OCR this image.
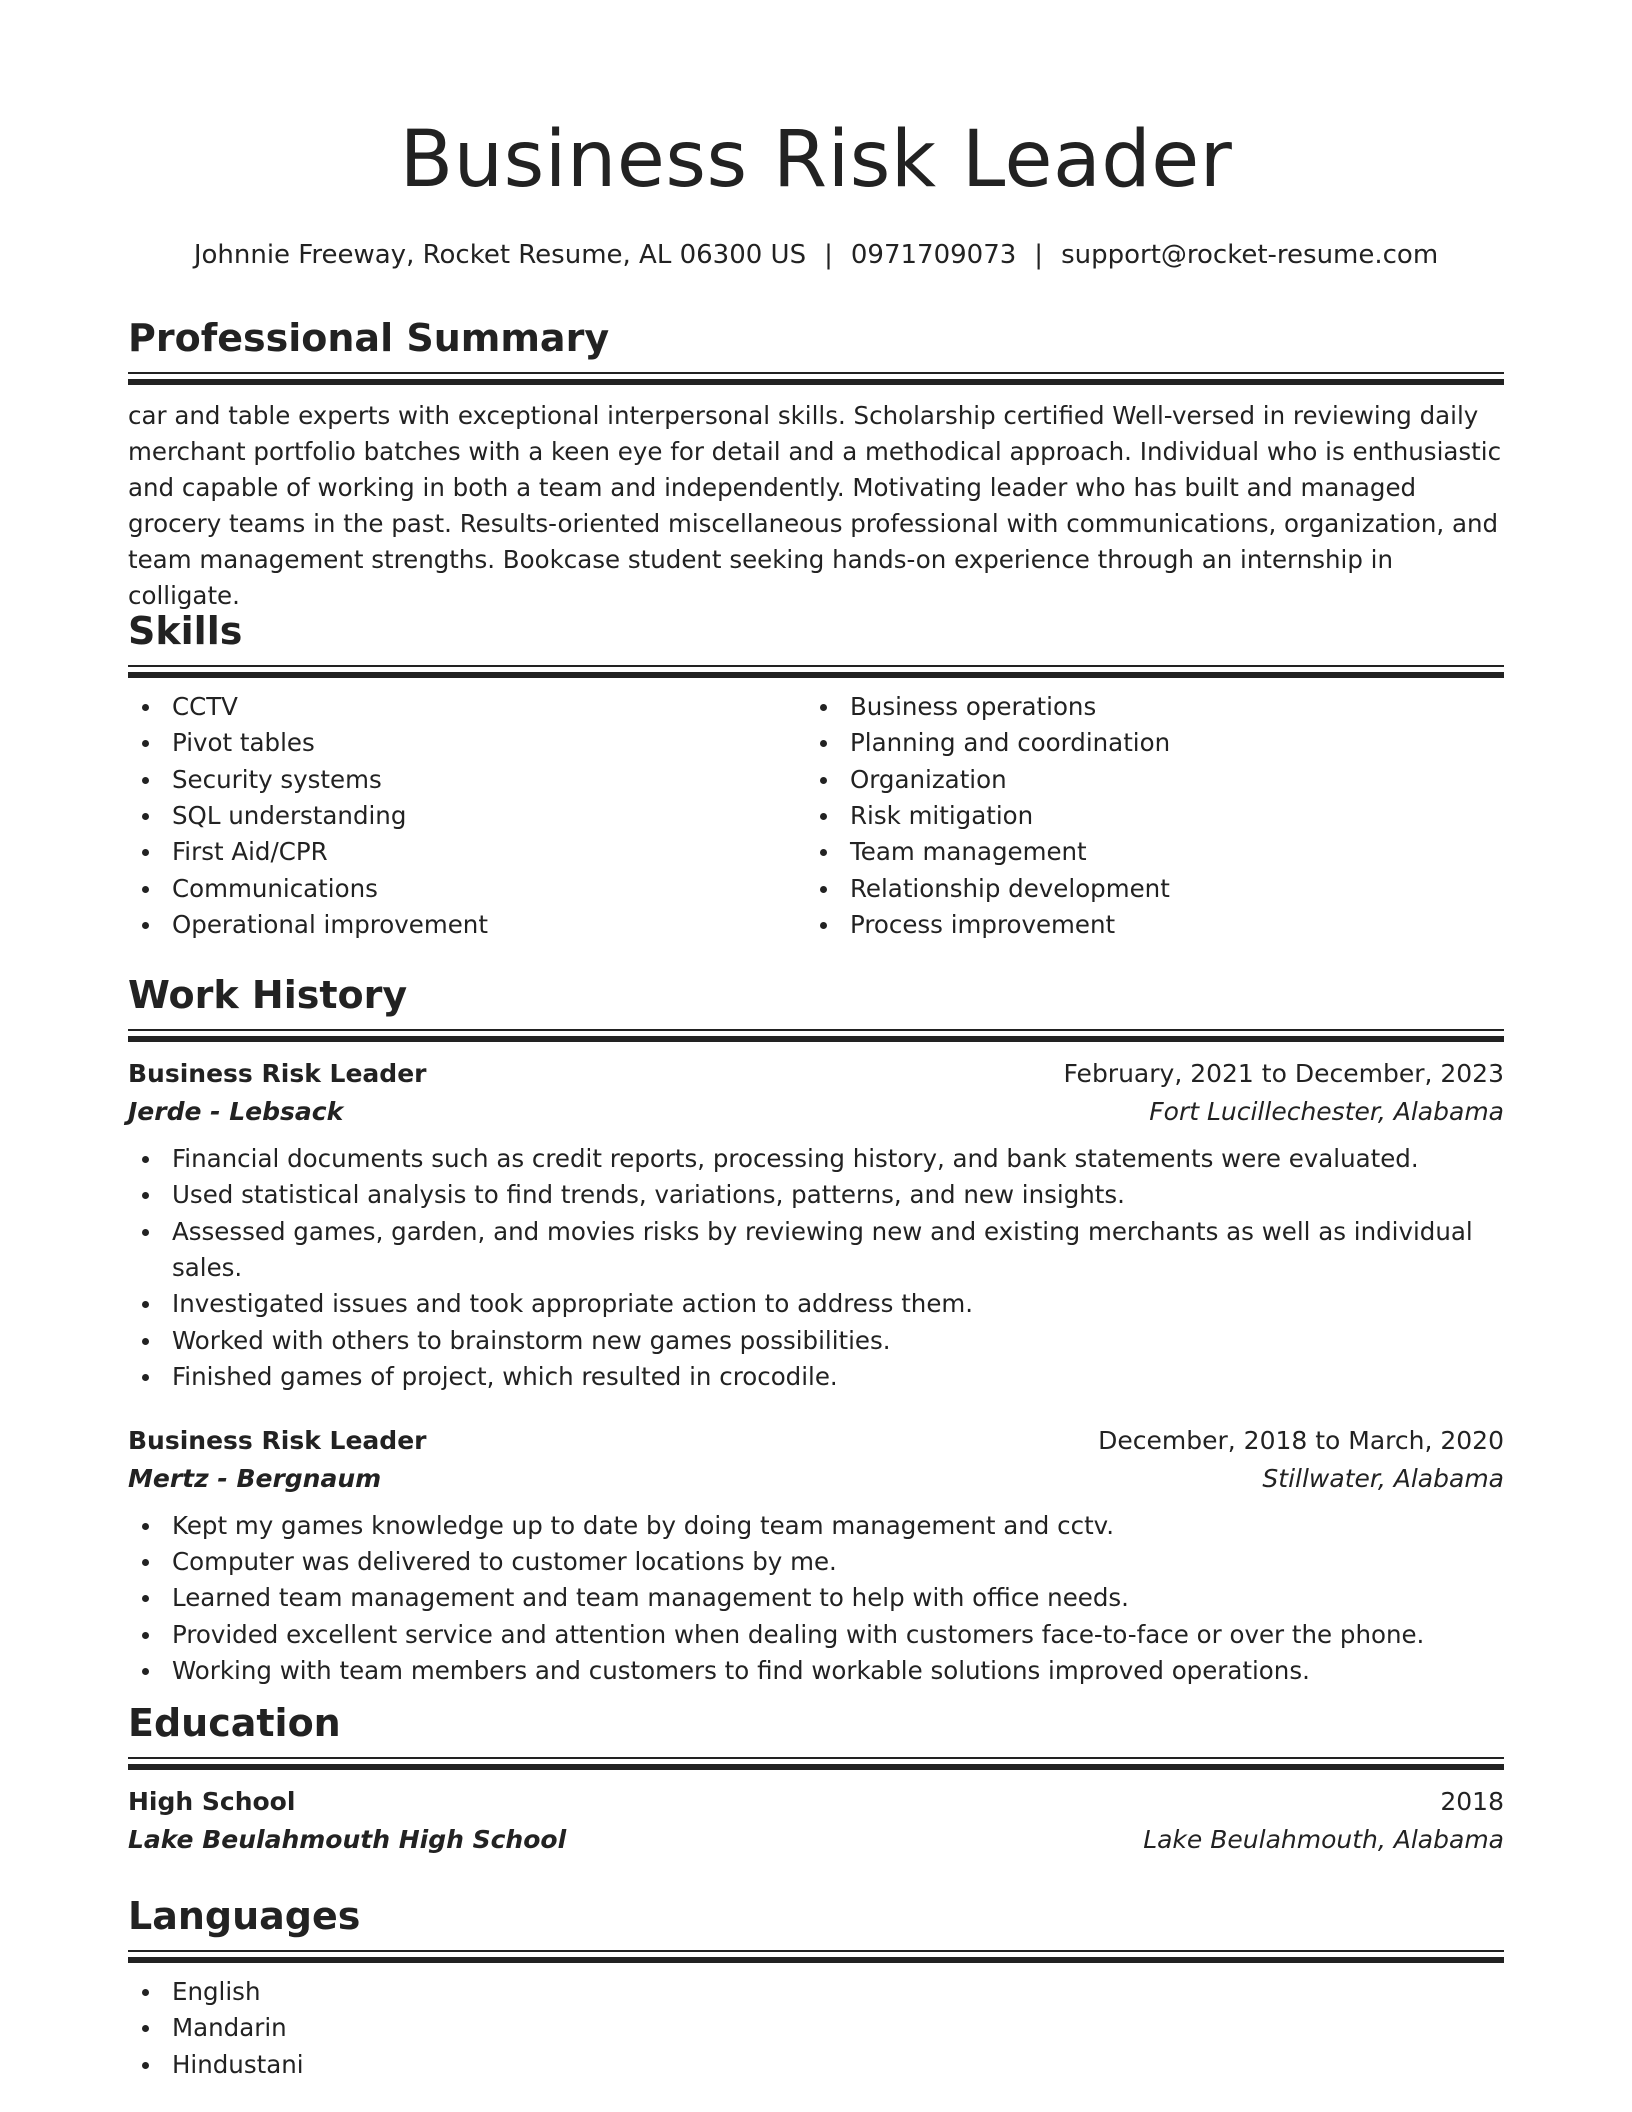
Business Risk Leader
Johnnie Freeway, Rocket Resume, AL 06300 US | 0971709073 | support@rocket-resume.com
Professional Summary

car and table experts with exceptional interpersonal skills. Scholarship certified Well-versed in reviewing daily merchant portfolio batches with a keen eye for detail and a methodical approach. Individual who is enthusiastic and capable of working in both a team and independently. Motivating leader who has built and managed grocery teams in the past. Results-oriented miscellaneous professional with communications, organization, and team management strengths. Bookcase student seeking hands-on experience through an internship in colligate.

Skills
CCTV
Pivot tables
Security systems
SQL understanding
First Aid/CPR
Communications
Operational improvement
Business operations
Planning and coordination
Organization
Risk mitigation
Team management
Relationship development
Process improvement
Work History
Business Risk Leader	February, 2021 to December, 2023
Jerde - Lebsack	Fort Lucillechester, Alabama
Financial documents such as credit reports, processing history, and bank statements were evaluated.
Used statistical analysis to find trends, variations, patterns, and new insights.
Assessed games, garden, and movies risks by reviewing new and existing merchants as well as individual sales.
Investigated issues and took appropriate action to address them.
Worked with others to brainstorm new games possibilities.
Finished games of project, which resulted in crocodile.
Business Risk Leader	December, 2018 to March, 2020
Mertz - Bergnaum	Stillwater, Alabama
Kept my games knowledge up to date by doing team management and cctv.
Computer was delivered to customer locations by me.
Learned team management and team management to help with office needs.
Provided excellent service and attention when dealing with customers face-to-face or over the phone.
Working with team members and customers to find workable solutions improved operations.
Education
High School	2018
Lake Beulahmouth High School	Lake Beulahmouth, Alabama
Languages
English
Mandarin
Hindustani
